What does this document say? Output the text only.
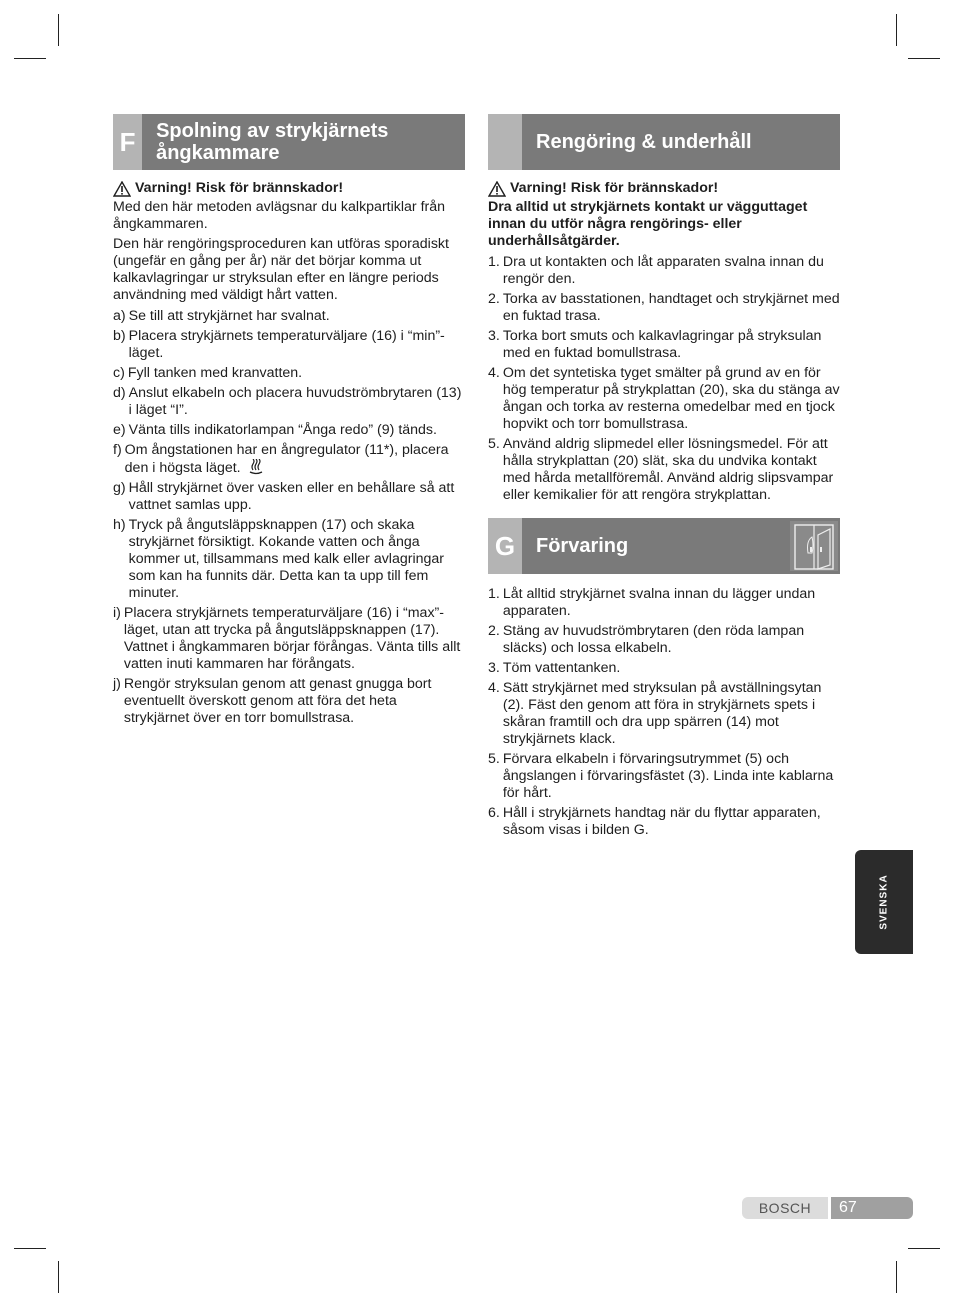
F	Spolning av strykjärnets ångkammare
Varning! Risk för brännskador!

Med den här metoden avlägsnar du kalkpartiklar från ångkammaren.

Den här rengöringsproceduren kan utföras sporadiskt (ungefär en gång per år) när det börjar komma ut kalkavlagringar ur stryksulan efter en längre periods användning med väldigt hårt vatten.

a) Se till att strykjärnet har svalnat.
b) Placera strykjärnets temperaturväljare (16) i “min”-läget.
c) Fyll tanken med kranvatten.
d) Anslut elkabeln och placera huvudströmbrytaren (13) i läget “I”.
e) Vänta tills indikatorlampan “Ånga redo” (9) tänds.
f) Om ångstationen har en ångregulator (11*), placera den i högsta läget.
g) Håll strykjärnet över vasken eller en behållare så att vattnet samlas upp.
h) Tryck på ångutsläppsknappen (17) och skaka strykjärnet försiktigt. Kokande vatten och ånga kommer ut, tillsammans med kalk eller avlagringar som kan ha funnits där. Detta kan ta upp till fem minuter.
i) Placera strykjärnets temperaturväljare (16) i “max”-läget, utan att trycka på ångutsläppsknappen (17). Vattnet i ångkammaren börjar förångas. Vänta tills allt vatten inuti kammaren har förångats.
j) Rengör stryksulan genom att genast gnugga bort eventuellt överskott genom att föra det heta strykjärnet över en torr bomullstrasa.
Rengöring & underhåll
Varning! Risk för brännskador!

Dra alltid ut strykjärnets kontakt ur vägguttaget innan du utför några rengörings- eller underhållsåtgärder.

1. Dra ut kontakten och låt apparaten svalna innan du rengör den.
2. Torka av basstationen, handtaget och strykjärnet med en fuktad trasa.
3. Torka bort smuts och kalkavlagringar på stryksulan med en fuktad bomullstrasa.
4. Om det syntetiska tyget smälter på grund av en för hög temperatur på strykplattan (20), ska du stänga av ångan och torka av resterna omedelbar med en tjock hopvikt och torr bomullstrasa.
5. Använd aldrig slipmedel eller lösningsmedel. För att hålla strykplattan (20) slät, ska du undvika kontakt med hårda metallföremål. Använd aldrig slipsvampar eller kemikalier för att rengöra strykplattan.
G	Förvaring
1. Låt alltid strykjärnet svalna innan du lägger undan apparaten.
2. Stäng av huvudströmbrytaren (den röda lampan släcks) och lossa elkabeln.
3. Töm vattentanken.
4. Sätt strykjärnet med stryksulan på avställningsytan (2). Fäst den genom att föra in strykjärnets spets i skåran framtill och dra upp spärren (14) mot strykjärnets klack.
5. Förvara elkabeln i förvaringsutrymmet (5) och ångslangen i förvaringsfästet (3). Linda inte kablarna för hårt.
6. Håll i strykjärnets handtag när du flyttar apparaten, såsom visas i bilden G.
SVENSKA
BOSCH	67
